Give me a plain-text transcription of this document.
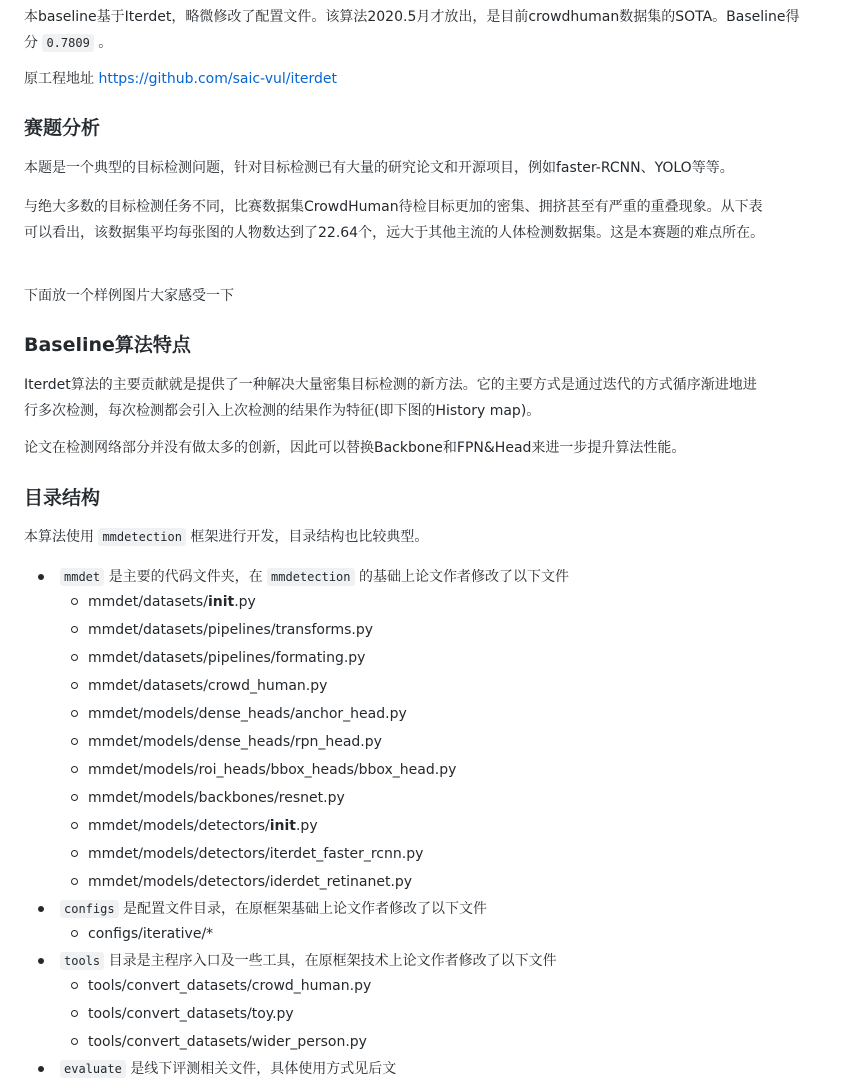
本baseline基于Iterdet，略微修改了配置文件。该算法2020.5月才放出，是目前crowdhuman数据集的SOTA。Baseline得
分 0.7809 。
原工程地址 https://github.com/saic-vul/iterdet
赛题分析
本题是一个典型的目标检测问题，针对目标检测已有大量的研究论文和开源项目，例如faster-RCNN、YOLO等等。
与绝大多数的目标检测任务不同，比赛数据集CrowdHuman待检目标更加的密集、拥挤甚至有严重的重叠现象。从下表
可以看出，该数据集平均每张图的人物数达到了22.64个，远大于其他主流的人体检测数据集。这是本赛题的难点所在。
下面放一个样例图片大家感受一下
Baseline算法特点
Iterdet算法的主要贡献就是提供了一种解决大量密集目标检测的新方法。它的主要方式是通过迭代的方式循序渐进地进
行多次检测，每次检测都会引入上次检测的结果作为特征(即下图的History map)。
论文在检测网络部分并没有做太多的创新，因此可以替换Backbone和FPN&Head来进一步提升算法性能。
目录结构
本算法使用 mmdetection 框架进行开发，目录结构也比较典型。
mmdet 是主要的代码文件夹，在 mmdetection 的基础上论文作者修改了以下文件
mmdet/datasets/init.py
mmdet/datasets/pipelines/transforms.py
mmdet/datasets/pipelines/formating.py
mmdet/datasets/crowd_human.py
mmdet/models/dense_heads/anchor_head.py
mmdet/models/dense_heads/rpn_head.py
mmdet/models/roi_heads/bbox_heads/bbox_head.py
mmdet/models/backbones/resnet.py
mmdet/models/detectors/init.py
mmdet/models/detectors/iterdet_faster_rcnn.py
mmdet/models/detectors/iderdet_retinanet.py
configs 是配置文件目录，在原框架基础上论文作者修改了以下文件
configs/iterative/*
tools 目录是主程序入口及一些工具，在原框架技术上论文作者修改了以下文件
tools/convert_datasets/crowd_human.py
tools/convert_datasets/toy.py
tools/convert_datasets/wider_person.py
evaluate 是线下评测相关文件，具体使用方式见后文
